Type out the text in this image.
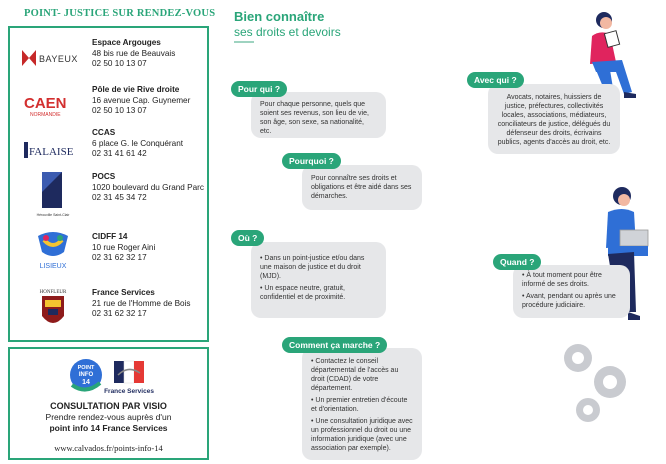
POINT- JUSTICE SUR RENDEZ-VOUS
BAYEUX
Espace Argouges
48 bis rue de Beauvais
02 50 10 13 07
CAEN
NORMANDIE
Pôle de vie Rive droite
16 avenue Cap. Guynemer
02 50 10 13 07
FALAISE
CCAS
6 place G. le Conquérant
02 31 41 61 42
Hérouville Saint-Clair
POCS
1020 boulevard du Grand Parc
02 31 45 34 72
LISIEUX
CIDFF 14
10 rue Roger Aini
02 31 62 32 17
HONFLEUR	France Services
21 rue de l'Homme de Bois
02 31 62 32 17
POINT
INFO
14
France Services
CONSULTATION PAR VISIO
Prendre rendez-vous auprès d'un
point info 14 France Services
www.calvados.fr/points-info-14
Bien connaître
ses droits et devoirs
Pour qui ?

Pour chaque personne, quels que soient ses revenus, son lieu de vie, son âge, son sexe, sa nationalité, etc.

Pourquoi ?

Pour connaître ses droits et obligations et être aidé dans ses démarches.

Où ?

• Dans un point-justice et/ou dans une maison de justice et du droit (MJD).

• Un espace neutre, gratuit, confidentiel et de proximité.

Comment ça marche ?

• Contactez le conseil départemental de l'accès au droit (CDAD) de votre département.

• Un premier entretien d'écoute et d'orientation.

• Une consultation juridique avec un professionnel du droit ou une information juridique (avec une association par exemple).

Avec qui ?

Avocats, notaires, huissiers de justice, préfectures, collectivités locales, associations, médiateurs, conciliateurs de justice, délégués du défenseur des droits, écrivains publics, agents d'accès au droit, etc.

Quand ?

• À tout moment pour être informé de ses droits.

• Avant, pendant ou après une procédure judiciaire.
